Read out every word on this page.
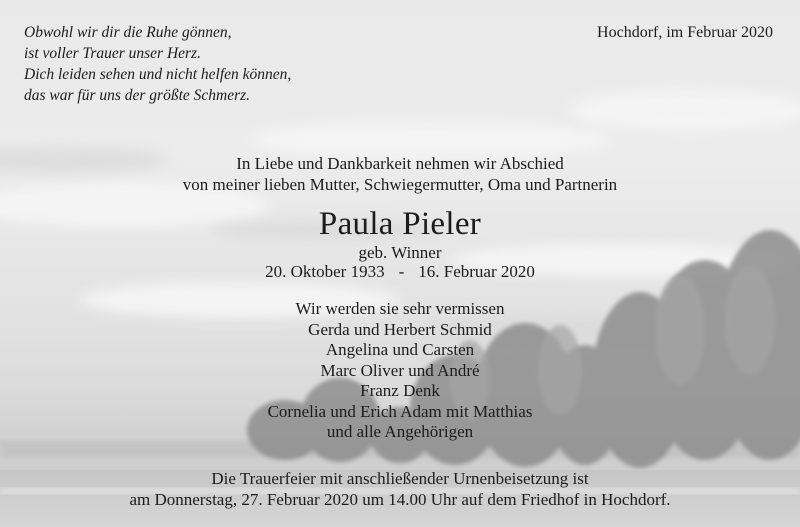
Obwohl wir dir die Ruhe gönnen,
ist voller Trauer unser Herz.
Dich leiden sehen und nicht helfen können,
das war für uns der größte Schmerz.
Hochdorf, im Februar 2020
In Liebe und Dankbarkeit nehmen wir Abschied
von meiner lieben Mutter, Schwiegermutter, Oma und Partnerin
Paula Pieler
geb. Winner
20. Oktober 1933 - 16. Februar 2020
Wir werden sie sehr vermissen
Gerda und Herbert Schmid
Angelina und Carsten
Marc Oliver und André
Franz Denk
Cornelia und Erich Adam mit Matthias
und alle Angehörigen
Die Trauerfeier mit anschließender Urnenbeisetzung ist
am Donnerstag, 27. Februar 2020 um 14.00 Uhr auf dem Friedhof in Hochdorf.
